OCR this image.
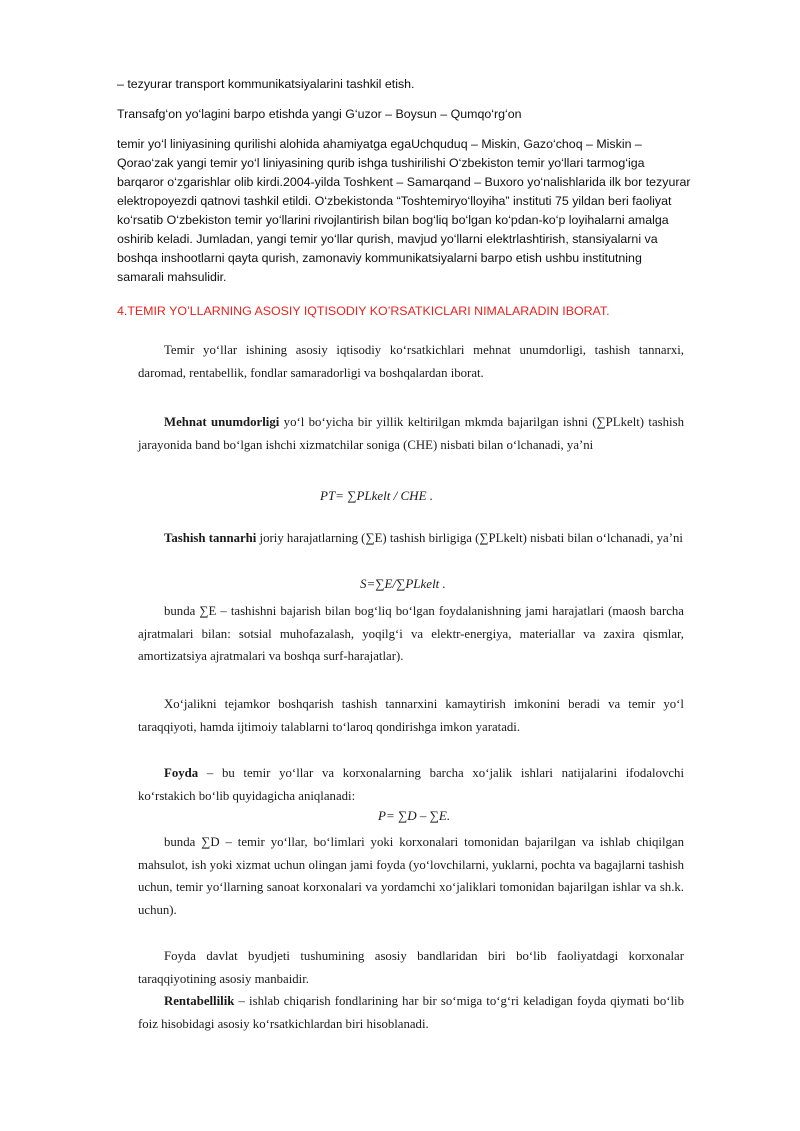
– tezyurar transport kommunikatsiyalarini tashkil etish.

Transafg‘on yo‘lagini barpo etishda yangi G‘uzor – Boysun – Qumqo‘rg‘on

temir yo‘l liniyasining qurilishi alohida ahamiyatga egaUchquduq – Miskin, Gazo‘choq – Miskin – Qorao‘zak yangi temir yo‘l liniyasining qurib ishga tushirilishi O‘zbekiston temir yo‘llari tarmog‘iga barqaror o‘zgarishlar olib kirdi.2004-yilda Toshkent – Samarqand – Buxoro yo‘nalishlarida ilk bor tezyurar elektropoyezdi qatnovi tashkil etildi. O‘zbekistonda “Toshtemiryo‘lloyiha” instituti 75 yildan beri faoliyat ko‘rsatib O‘zbekiston temir yo‘llarini rivojlantirish bilan bog‘liq bo‘lgan ko‘pdan-ko‘p loyihalarni amalga oshirib keladi. Jumladan, yangi temir yo‘llar qurish, mavjud yo‘llarni elektrlashtirish, stansiyalarni va boshqa inshootlarni qayta qurish, zamonaviy kommunikatsiyalarni barpo etish ushbu institutning samarali mahsulidir.

4.TEMIR YO’LLARNING ASOSIY IQTISODIY KO’RSATKICLARI NIMALARADIN IBORAT.

Temir yo‘llar ishining asosiy iqtisodiy ko‘rsatkichlari mehnat unumdorligi, tashish tannarxi, daromad, rentabellik, fondlar samaradorligi va boshqalardan iborat.

Mehnat unumdorligi yo‘l bo‘yicha bir yillik keltirilgan mkmda bajarilgan ishni (∑PLkelt) tashish jarayonida band bo‘lgan ishchi xizmatchilar soniga (CHE) nisbati bilan o‘lchanadi, ya’ni

PT= ∑PLkelt / CHE .

Tashish tannarhi joriy harajatlarning (∑E) tashish birligiga (∑PLkelt) nisbati bilan o‘lchanadi, ya’ni

S=∑E/∑PLkelt .

bunda ∑E – tashishni bajarish bilan bog‘liq bo‘lgan foydalanishning jami harajatlari (maosh barcha ajratmalari bilan: sotsial muhofazalash, yoqilg‘i va elektr-energiya, materiallar va zaxira qismlar, amortizatsiya ajratmalari va boshqa surf-harajatlar).

Xo‘jalikni tejamkor boshqarish tashish tannarxini kamaytirish imkonini beradi va temir yo‘l taraqqiyoti, hamda ijtimoiy talablarni to‘laroq qondirishga imkon yaratadi.

Foyda – bu temir yo‘llar va korxonalarning barcha xo‘jalik ishlari natijalarini ifodalovchi ko‘rstakich bo‘lib quyidagicha aniqlanadi:

P= ∑D – ∑E.

bunda ∑D – temir yo‘llar, bo‘limlari yoki korxonalari tomonidan bajarilgan va ishlab chiqilgan mahsulot, ish yoki xizmat uchun olingan jami foyda (yo‘lovchilarni, yuklarni, pochta va bagajlarni tashish uchun, temir yo‘llarning sanoat korxonalari va yordamchi xo‘jaliklari tomonidan bajarilgan ishlar va sh.k. uchun).

Foyda davlat byudjeti tushumining asosiy bandlaridan biri bo‘lib faoliyatdagi korxonalar taraqqiyotining asosiy manbaidir.

Rentabellilik – ishlab chiqarish fondlarining har bir so‘miga to‘g‘ri keladigan foyda qiymati bo‘lib foiz hisobidagi asosiy ko‘rsatkichlardan biri hisoblanadi.
